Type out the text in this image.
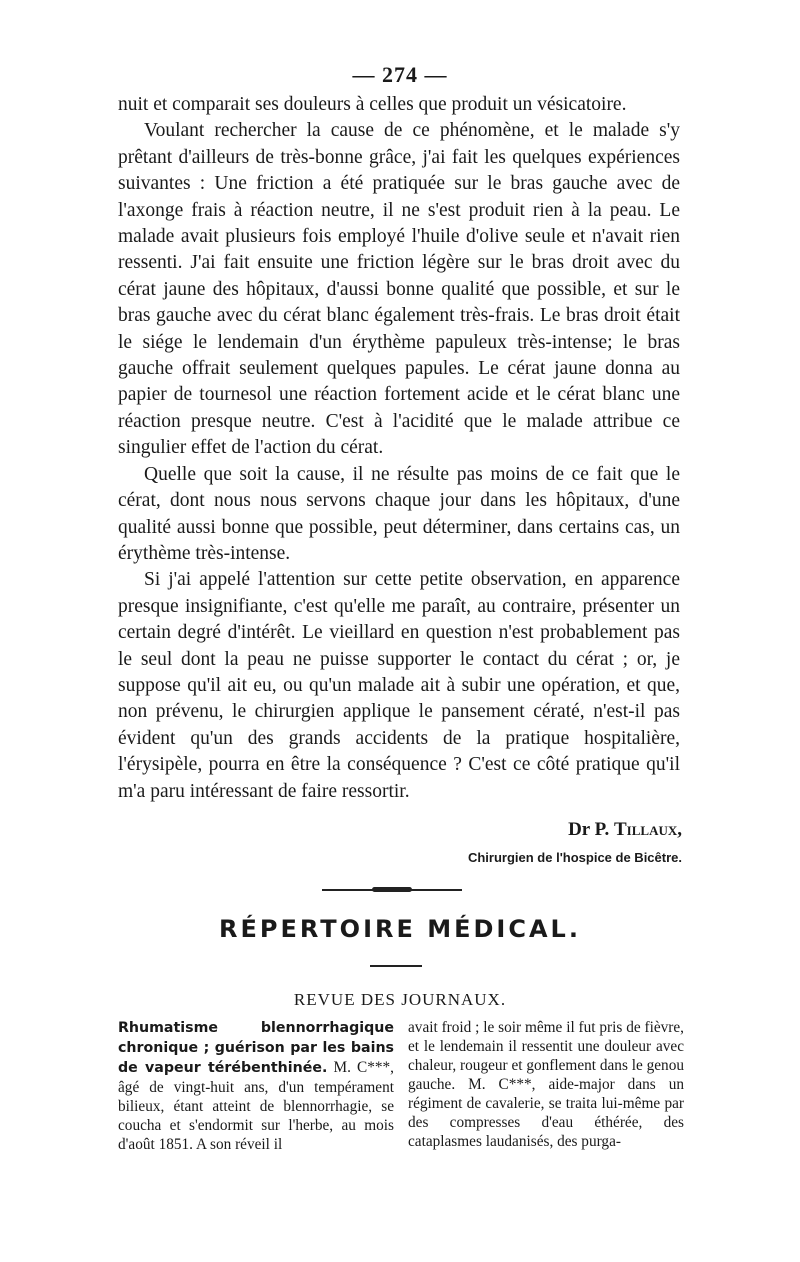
— 274 —

nuit et comparait ses douleurs à celles que produit un vésicatoire.

Voulant rechercher la cause de ce phénomène, et le malade s'y prêtant d'ailleurs de très-bonne grâce, j'ai fait les quelques expériences suivantes : Une friction a été pratiquée sur le bras gauche avec de l'axonge frais à réaction neutre, il ne s'est produit rien à la peau. Le malade avait plusieurs fois employé l'huile d'olive seule et n'avait rien ressenti. J'ai fait ensuite une friction légère sur le bras droit avec du cérat jaune des hôpitaux, d'aussi bonne qualité que possible, et sur le bras gauche avec du cérat blanc également très-frais. Le bras droit était le siége le lendemain d'un érythème papuleux très-intense; le bras gauche offrait seulement quelques papules. Le cérat jaune donna au papier de tournesol une réaction fortement acide et le cérat blanc une réaction presque neutre. C'est à l'acidité que le malade attribue ce singulier effet de l'action du cérat.

Quelle que soit la cause, il ne résulte pas moins de ce fait que le cérat, dont nous nous servons chaque jour dans les hôpitaux, d'une qualité aussi bonne que possible, peut déterminer, dans certains cas, un érythème très-intense.

Si j'ai appelé l'attention sur cette petite observation, en apparence presque insignifiante, c'est qu'elle me paraît, au contraire, présenter un certain degré d'intérêt. Le vieillard en question n'est probablement pas le seul dont la peau ne puisse supporter le contact du cérat ; or, je suppose qu'il ait eu, ou qu'un malade ait à subir une opération, et que, non prévenu, le chirurgien applique le pansement cératé, n'est-il pas évident qu'un des grands accidents de la pratique hospitalière, l'érysipèle, pourra en être la conséquence ? C'est ce côté pratique qu'il m'a paru intéressant de faire ressortir.

Dr P. Tillaux,
Chirurgien de l'hospice de Bicêtre.
RÉPERTOIRE MÉDICAL.
REVUE DES JOURNAUX.

Rhumatisme blennorrhagique chronique ; guérison par les bains de vapeur térébenthinée. M. C***, âgé de vingt-huit ans, d'un tempérament bilieux, étant atteint de blennorrhagie, se coucha et s'endormit sur l'herbe, au mois d'août 1851. A son réveil il

avait froid ; le soir même il fut pris de fièvre, et le lendemain il ressentit une douleur avec chaleur, rougeur et gonflement dans le genou gauche. M. C***, aide-major dans un régiment de cavalerie, se traita lui-même par des compresses d'eau éthérée, des cataplasmes laudanisés, des purga-
